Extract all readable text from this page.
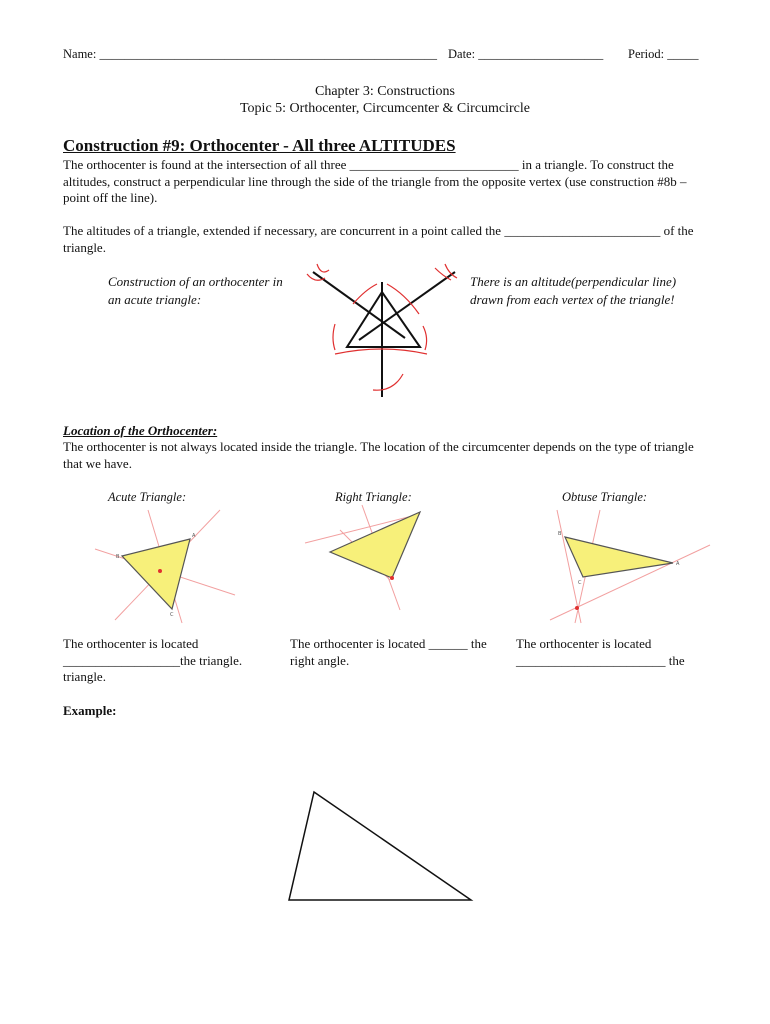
Name: ______________________________________________________ Date: ____________________ Period: _____
Chapter 3: Constructions
Topic 5: Orthocenter, Circumcenter & Circumcircle
Construction #9: Orthocenter - All three ALTITUDES
The orthocenter is found at the intersection of all three __________________________ in a triangle. To construct the altitudes, construct a perpendicular line through the side of the triangle from the opposite vertex (use construction #8b – point off the line).
The altitudes of a triangle, extended if necessary, are concurrent in a point called the ________________________ of the triangle.
Construction of an orthocenter in an acute triangle:
There is an altitude(perpendicular line) drawn from each vertex of the triangle!
Location of the Orthocenter:
The orthocenter is not always located inside the triangle. The location of the circumcenter depends on the type of triangle that we have.
Acute Triangle:	Right Triangle:	Obtuse Triangle:
B
A
C
B
A
C
The orthocenter is located __________________the triangle.
triangle.
The orthocenter is located ______ the right angle.
The orthocenter is located _______________________ the
Example:
